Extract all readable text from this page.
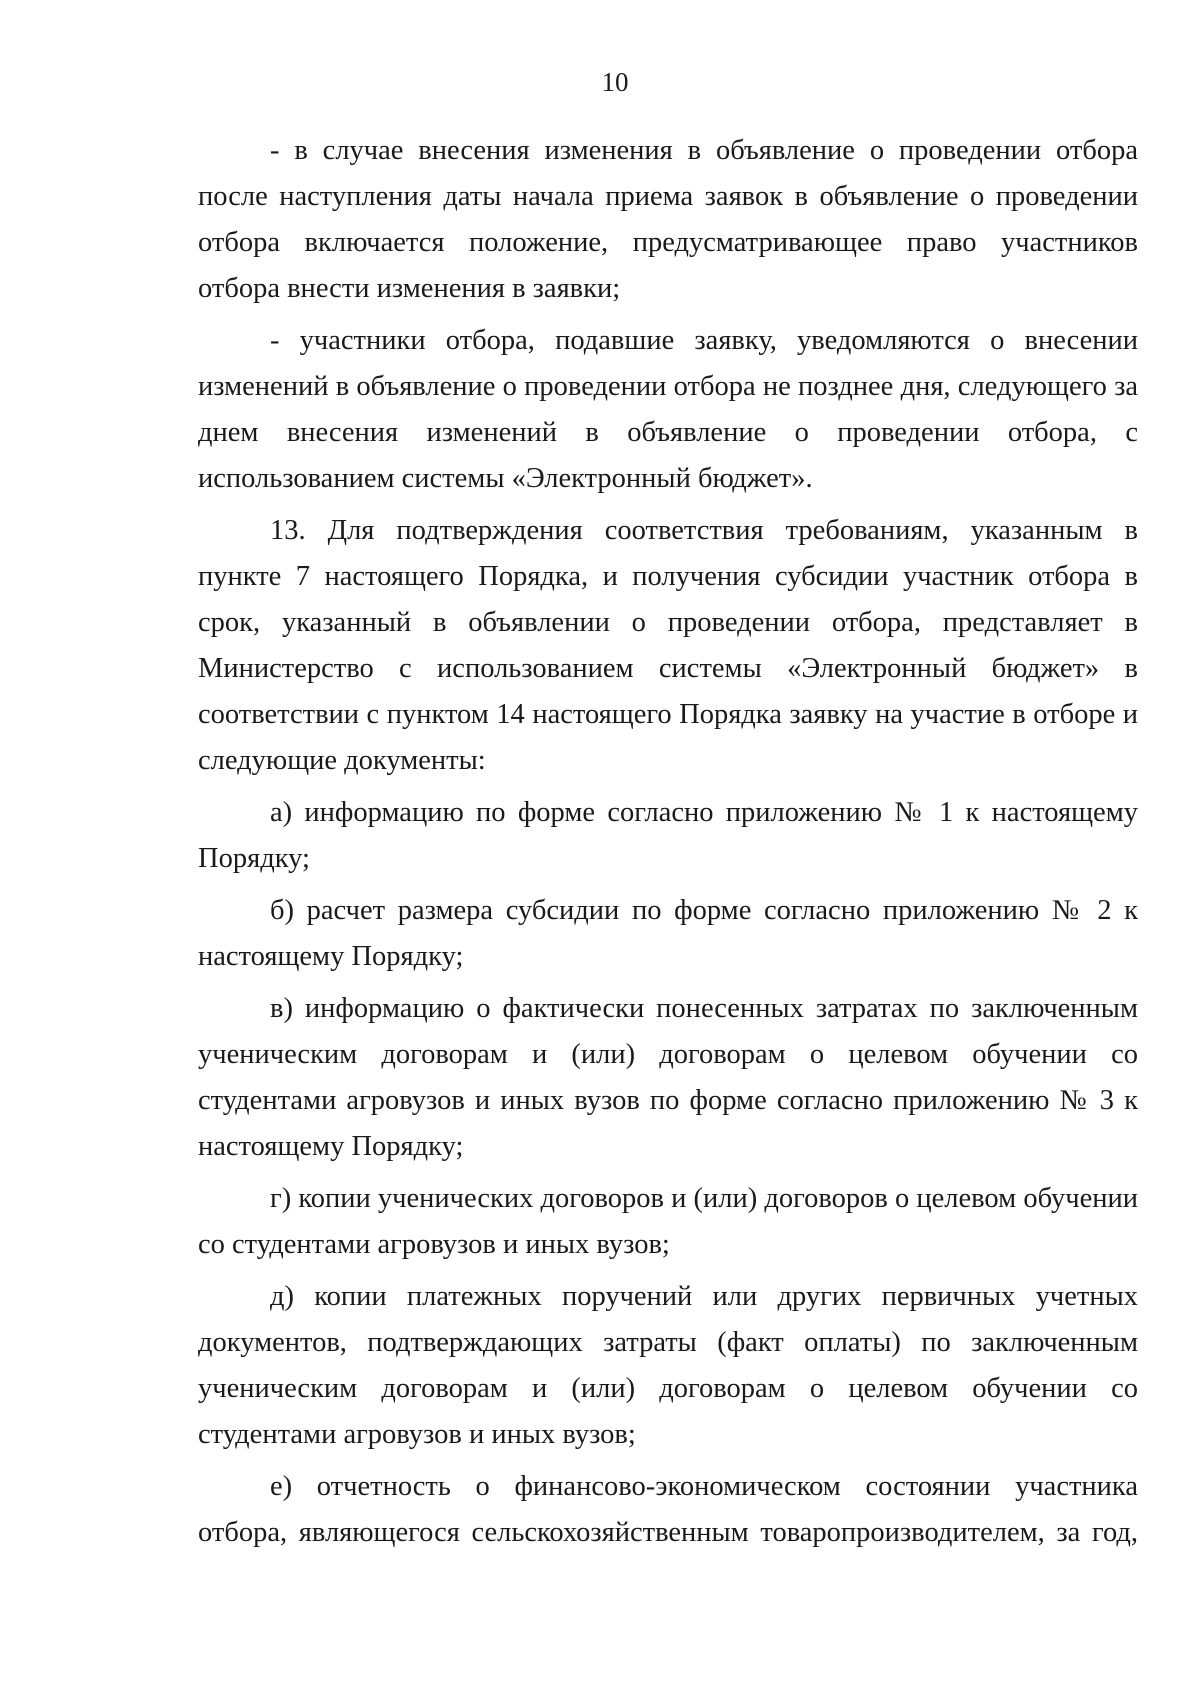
10

- в случае внесения изменения в объявление о проведении отбора после наступления даты начала приема заявок в объявление о проведении отбора включается положение, предусматривающее право участников отбора внести изменения в заявки;

- участники отбора, подавшие заявку, уведомляются о внесении изменений в объявление о проведении отбора не позднее дня, следующего за днем внесения изменений в объявление о проведении отбора, с использованием системы «Электронный бюджет».

13. Для подтверждения соответствия требованиям, указанным в пункте 7 настоящего Порядка, и получения субсидии участник отбора в срок, указанный в объявлении о проведении отбора, представляет в Министерство с использованием системы «Электронный бюджет» в соответствии с пунктом 14 настоящего Порядка заявку на участие в отборе и следующие документы:

а) информацию по форме согласно приложению № 1 к настоящему Порядку;

б) расчет размера субсидии по форме согласно приложению № 2 к настоящему Порядку;

в) информацию о фактически понесенных затратах по заключенным ученическим договорам и (или) договорам о целевом обучении со студентами агровузов и иных вузов по форме согласно приложению № 3 к настоящему Порядку;

г) копии ученических договоров и (или) договоров о целевом обучении со студентами агровузов и иных вузов;

д) копии платежных поручений или других первичных учетных документов, подтверждающих затраты (факт оплаты) по заключенным ученическим договорам и (или) договорам о целевом обучении со студентами агровузов и иных вузов;

е) отчетность о финансово-экономическом состоянии участника отбора, являющегося сельскохозяйственным товаропроизводителем, за год,
